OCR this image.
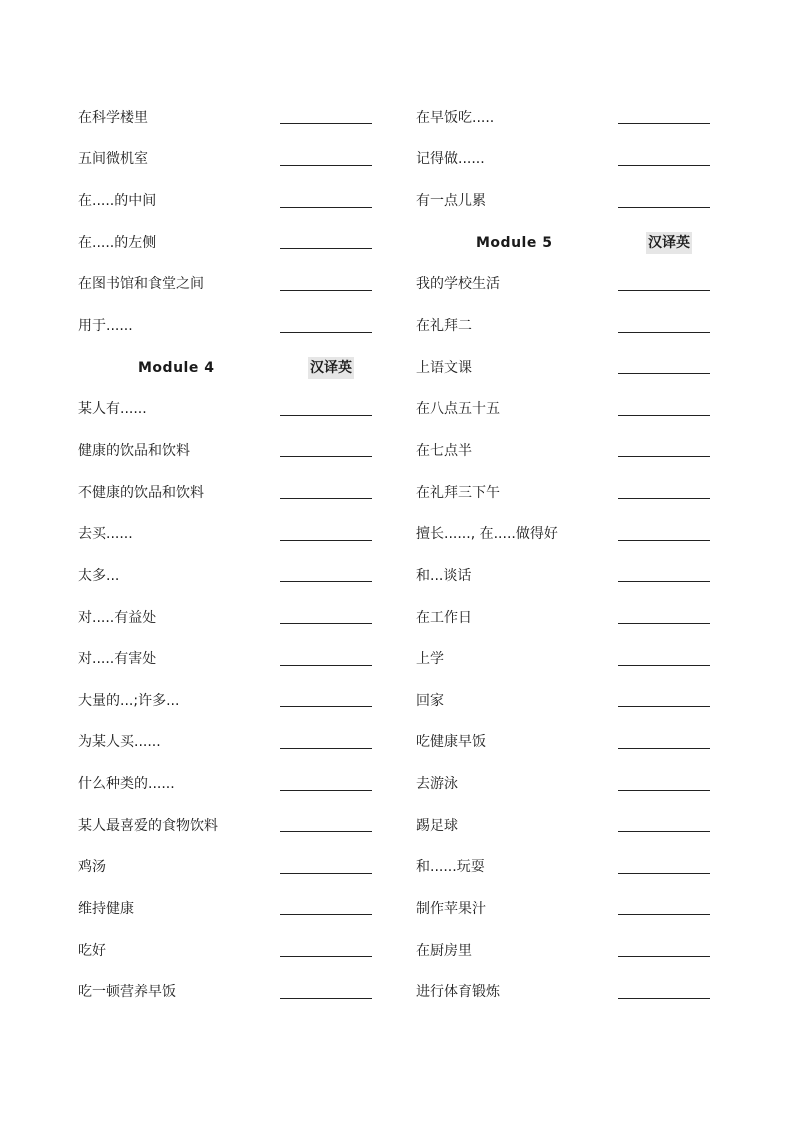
在科学楼里
五间微机室
在.....的中间
在.....的左侧
在图书馆和食堂之间
用于......
Module 4	汉译英
某人有......
健康的饮品和饮料
不健康的饮品和饮料
去买......
太多...
对.....有益处
对.....有害处
大量的...;许多...
为某人买......
什么种类的......
某人最喜爱的食物饮料
鸡汤
维持健康
吃好
吃一顿营养早饭
在早饭吃.....
记得做......
有一点儿累
Module 5	汉译英
我的学校生活
在礼拜二
上语文课
在八点五十五
在七点半
在礼拜三下午
擅长......, 在.....做得好
和...谈话
在工作日
上学
回家
吃健康早饭
去游泳
踢足球
和......玩耍
制作苹果汁
在厨房里
进行体育锻炼
